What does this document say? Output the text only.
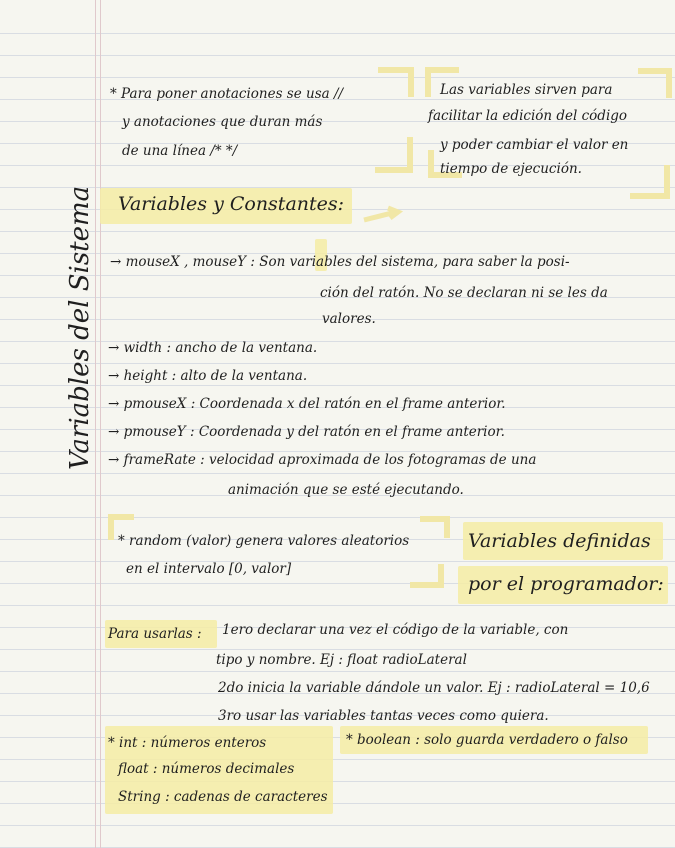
Variables del Sistema
* Para poner anotaciones se usa //
y anotaciones que duran más
de una línea /* */
Las variables sirven para
facilitar la edición del código
y poder cambiar el valor en
tiempo de ejecución.
Variables y Constantes:
→ mouseX , mouseY : Son variables del sistema, para saber la posi-
ción del ratón. No se declaran ni se les da
valores.
→ width : ancho de la ventana.
→ height : alto de la ventana.
→ pmouseX : Coordenada x del ratón en el frame anterior.
→ pmouseY : Coordenada y del ratón en el frame anterior.
→ frameRate : velocidad aproximada de los fotogramas de una
animación que se esté ejecutando.
* random (valor) genera valores aleatorios
en el intervalo [0, valor]
Variables definidas
por el programador:
Para usarlas : 1ero declarar una vez el código de la variable, con
tipo y nombre. Ej : float radioLateral
2do inicia la variable dándole un valor. Ej : radioLateral = 10,6
3ro usar las variables tantas veces como quiera.
* int : números enteros
float : números decimales
String : cadenas de caracteres
* boolean : solo guarda verdadero o falso
